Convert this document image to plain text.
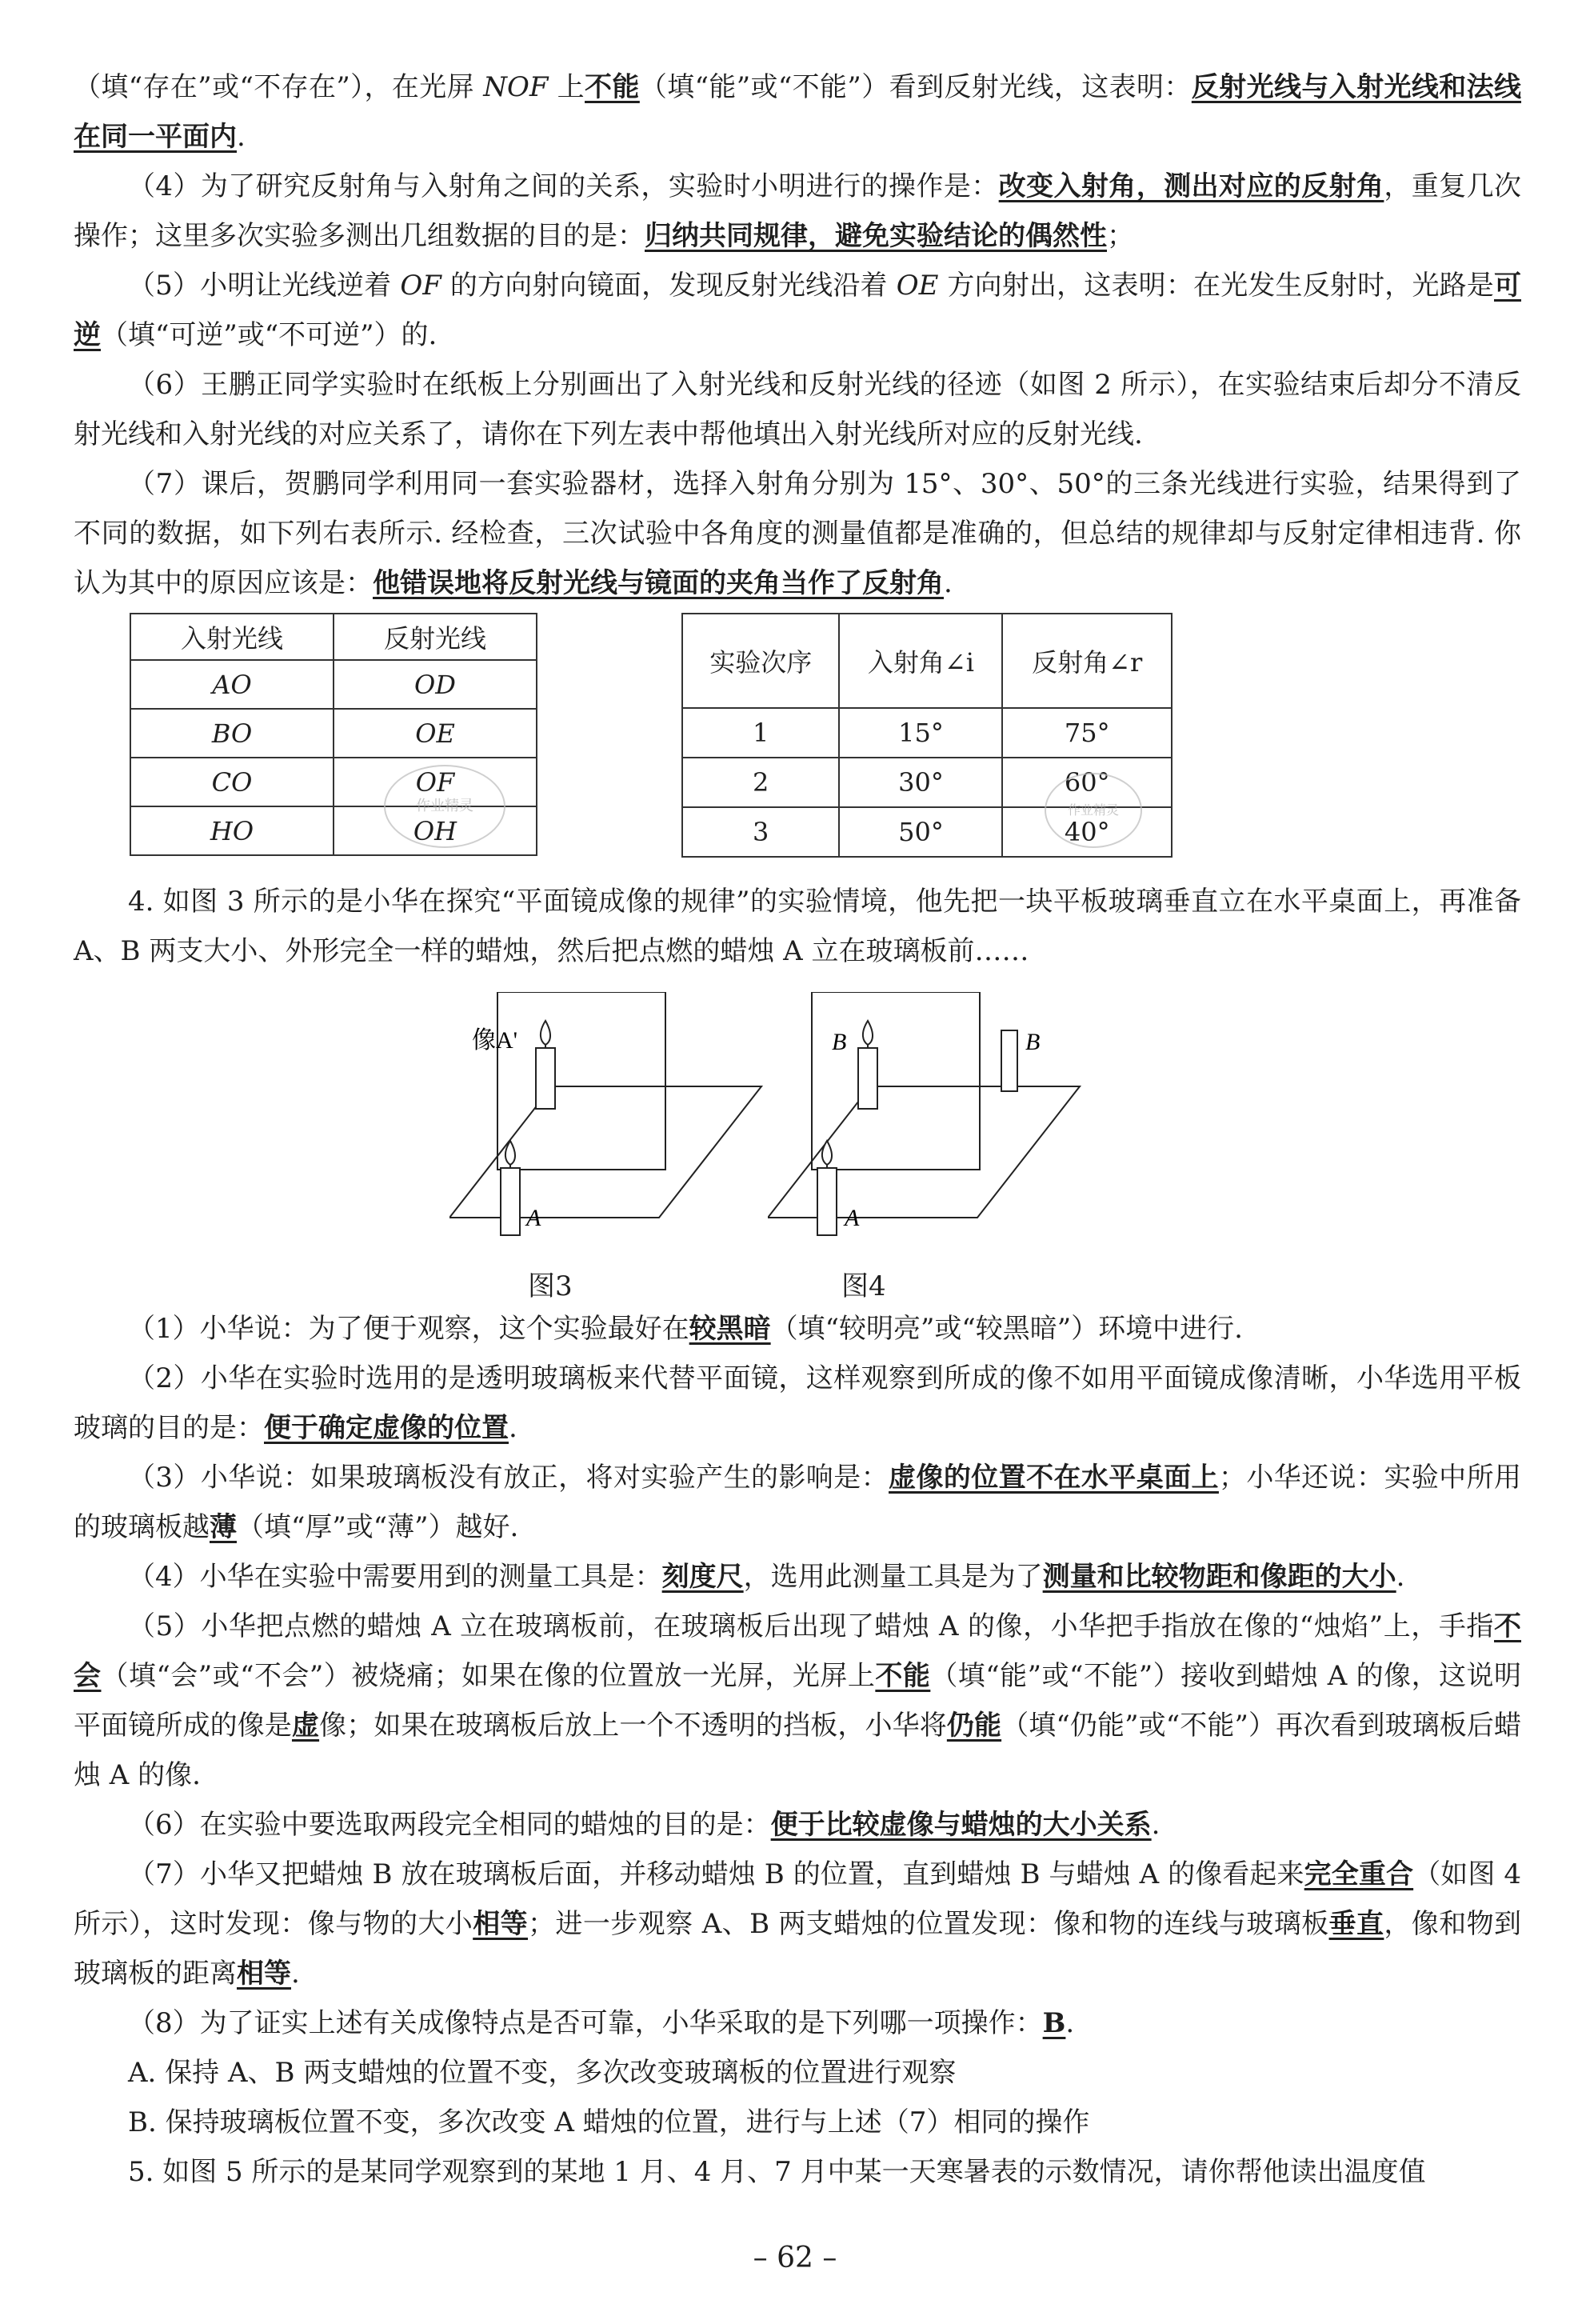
（填“存在”或“不存在”），在光屏 NOF 上不能（填“能”或“不能”）看到反射光线，这表明：反射光线与入射光线和法线在同一平面内.

（4）为了研究反射角与入射角之间的关系，实验时小明进行的操作是：改变入射角，测出对应的反射角，重复几次操作；这里多次实验多测出几组数据的目的是：归纳共同规律，避免实验结论的偶然性；

（5）小明让光线逆着 OF 的方向射向镜面，发现反射光线沿着 OE 方向射出，这表明：在光发生反射时，光路是可逆（填“可逆”或“不可逆”）的.

（6）王鹏正同学实验时在纸板上分别画出了入射光线和反射光线的径迹（如图 2 所示），在实验结束后却分不清反射光线和入射光线的对应关系了，请你在下列左表中帮他填出入射光线所对应的反射光线.

（7）课后，贺鹏同学利用同一套实验器材，选择入射角分别为 15°、30°、50°的三条光线进行实验，结果得到了不同的数据，如下列右表所示. 经检查，三次试验中各角度的测量值都是准确的，但总结的规律却与反射定律相违背. 你认为其中的原因应该是：他错误地将反射光线与镜面的夹角当作了反射角.

入射光线	反射光线
AO	OD
BO	OE
CO	OF
HO	OH
实验次序	入射角∠i	反射角∠r
1	15°	75°
2	30°	60°
3	50°	40°
作业精灵	作业精灵

4. 如图 3 所示的是小华在探究“平面镜成像的规律”的实验情境，他先把一块平板玻璃垂直立在水平桌面上，再准备 A、B 两支大小、外形完全一样的蜡烛，然后把点燃的蜡烛 A 立在玻璃板前……

像A'
A
B	B
A
图3	图4

（1）小华说：为了便于观察，这个实验最好在较黑暗（填“较明亮”或“较黑暗”）环境中进行.

（2）小华在实验时选用的是透明玻璃板来代替平面镜，这样观察到所成的像不如用平面镜成像清晰，小华选用平板玻璃的目的是：便于确定虚像的位置.

（3）小华说：如果玻璃板没有放正，将对实验产生的影响是：虚像的位置不在水平桌面上；小华还说：实验中所用的玻璃板越薄（填“厚”或“薄”）越好.

（4）小华在实验中需要用到的测量工具是：刻度尺，选用此测量工具是为了测量和比较物距和像距的大小.

（5）小华把点燃的蜡烛 A 立在玻璃板前，在玻璃板后出现了蜡烛 A 的像，小华把手指放在像的“烛焰”上，手指不会（填“会”或“不会”）被烧痛；如果在像的位置放一光屏，光屏上不能（填“能”或“不能”）接收到蜡烛 A 的像，这说明平面镜所成的像是虚像；如果在玻璃板后放上一个不透明的挡板，小华将仍能（填“仍能”或“不能”）再次看到玻璃板后蜡烛 A 的像.

（6）在实验中要选取两段完全相同的蜡烛的目的是：便于比较虚像与蜡烛的大小关系.

（7）小华又把蜡烛 B 放在玻璃板后面，并移动蜡烛 B 的位置，直到蜡烛 B 与蜡烛 A 的像看起来完全重合（如图 4 所示），这时发现：像与物的大小相等；进一步观察 A、B 两支蜡烛的位置发现：像和物的连线与玻璃板垂直，像和物到玻璃板的距离相等.

（8）为了证实上述有关成像特点是否可靠，小华采取的是下列哪一项操作：B.

A. 保持 A、B 两支蜡烛的位置不变，多次改变玻璃板的位置进行观察

B. 保持玻璃板位置不变，多次改变 A 蜡烛的位置，进行与上述（7）相同的操作

5. 如图 5 所示的是某同学观察到的某地 1 月、4 月、7 月中某一天寒暑表的示数情况，请你帮他读出温度值

– 62 –
